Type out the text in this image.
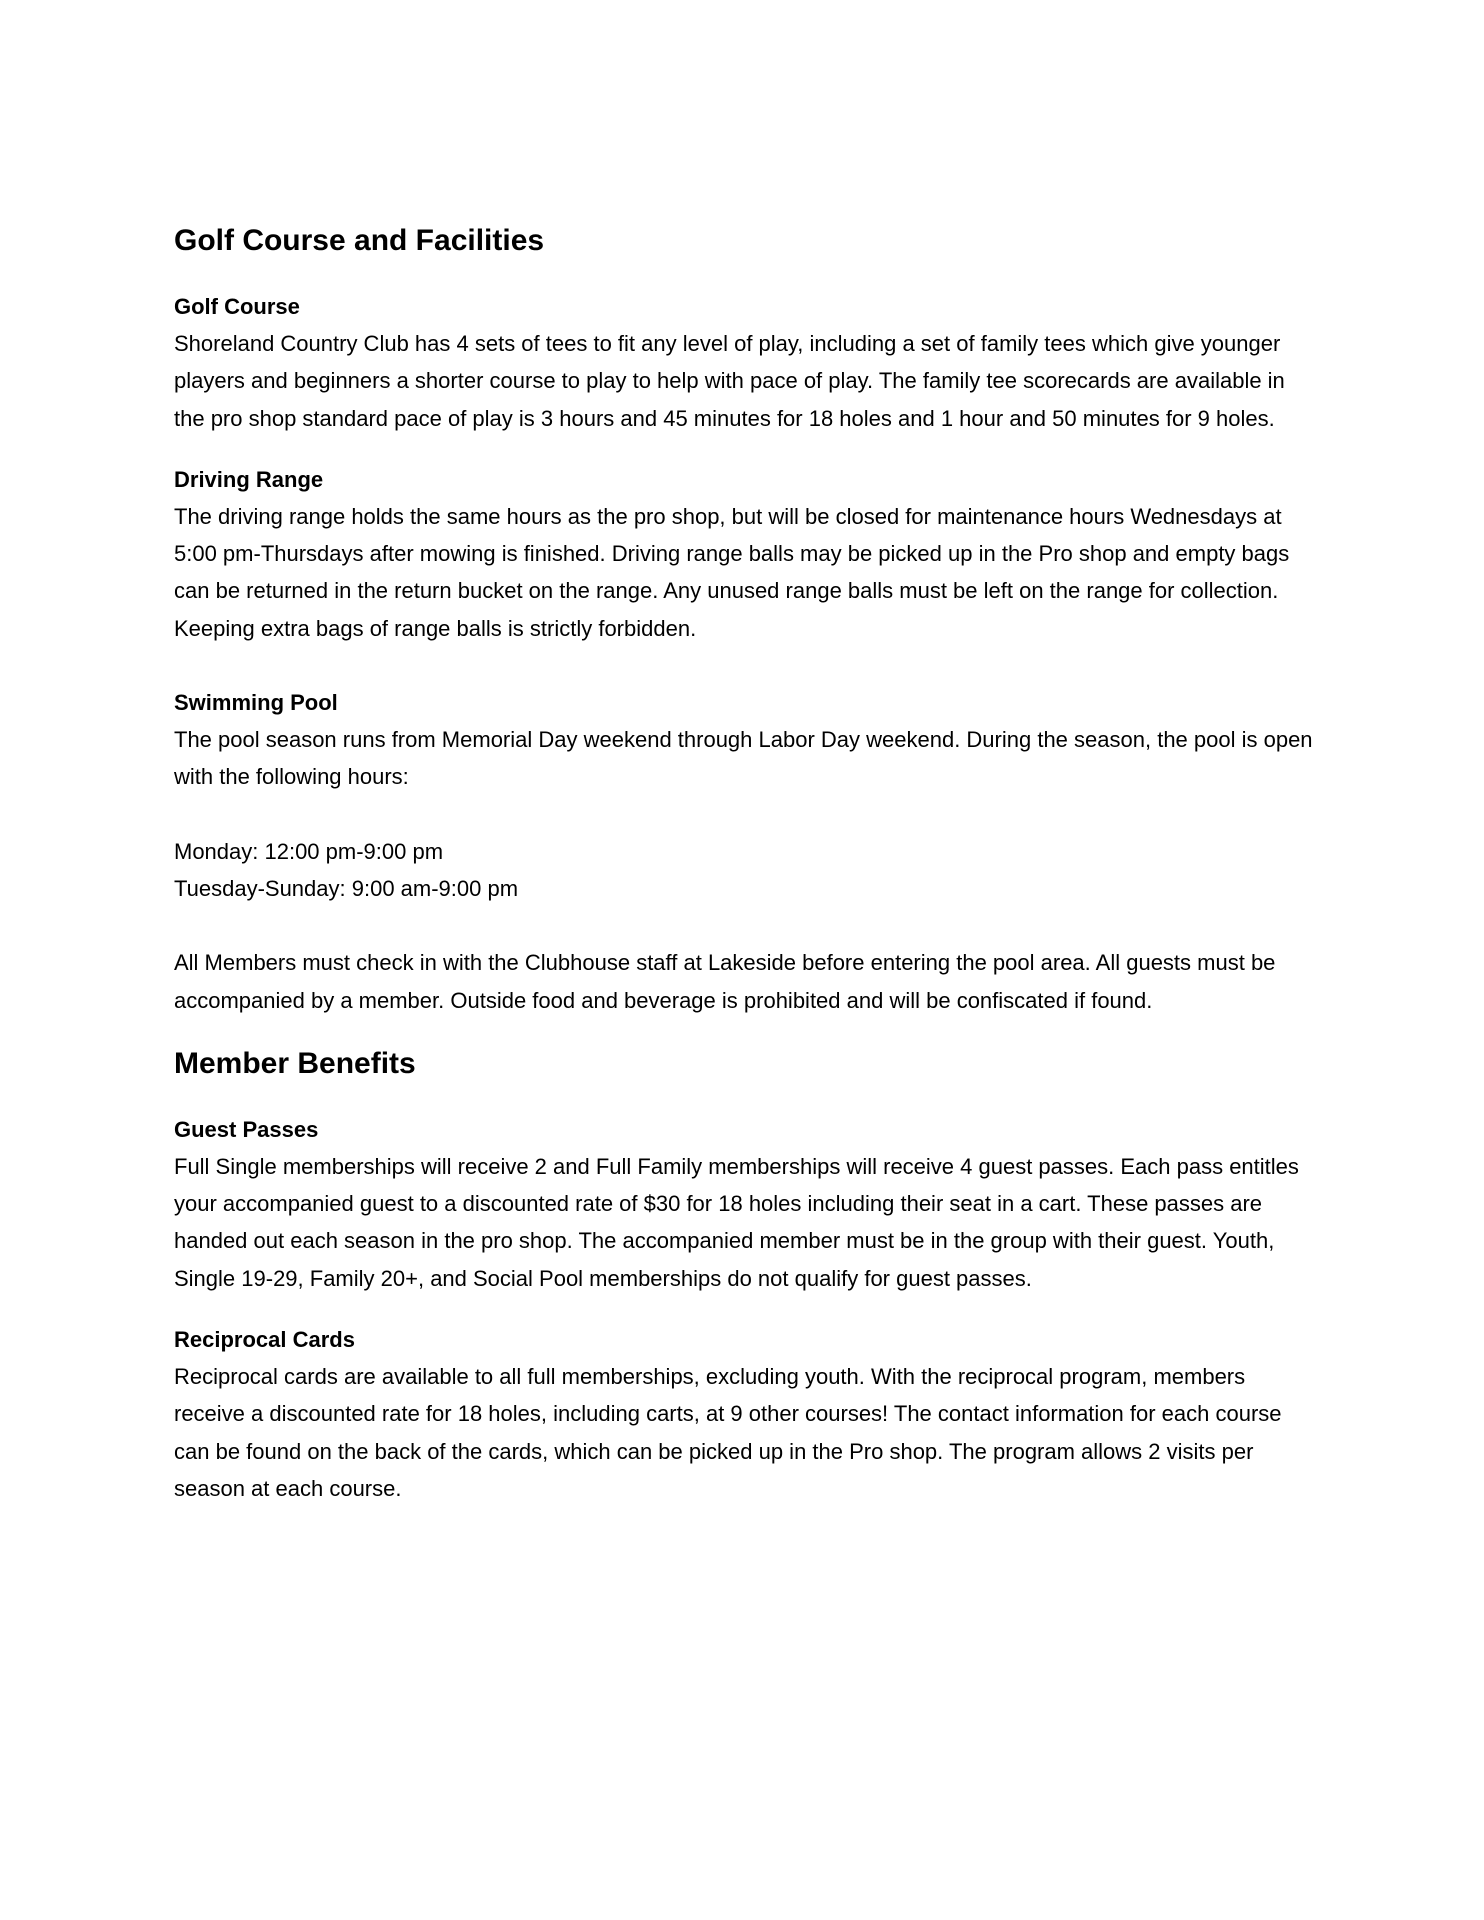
Golf Course and Facilities
Golf Course
Shoreland Country Club has 4 sets of tees to fit any level of play, including a set of family tees which give younger players and beginners a shorter course to play to help with pace of play. The family tee scorecards are available in the pro shop standard pace of play is 3 hours and 45 minutes for 18 holes and 1 hour and 50 minutes for 9 holes.
Driving Range
The driving range holds the same hours as the pro shop, but will be closed for maintenance hours Wednesdays at 5:00 pm-Thursdays after mowing is finished. Driving range balls may be picked up in the Pro shop and empty bags can be returned in the return bucket on the range. Any unused range balls must be left on the range for collection. Keeping extra bags of range balls is strictly forbidden.
Swimming Pool
The pool season runs from Memorial Day weekend through Labor Day weekend. During the season, the pool is open with the following hours:
Monday: 12:00 pm-9:00 pm
Tuesday-Sunday: 9:00 am-9:00 pm
All Members must check in with the Clubhouse staff at Lakeside before entering the pool area. All guests must be accompanied by a member. Outside food and beverage is prohibited and will be confiscated if found.
Member Benefits
Guest Passes
Full Single memberships will receive 2 and Full Family memberships will receive 4 guest passes. Each pass entitles your accompanied guest to a discounted rate of $30 for 18 holes including their seat in a cart. These passes are handed out each season in the pro shop. The accompanied member must be in the group with their guest. Youth, Single 19-29, Family 20+, and Social Pool memberships do not qualify for guest passes.
Reciprocal Cards
Reciprocal cards are available to all full memberships, excluding youth. With the reciprocal program, members receive a discounted rate for 18 holes, including carts, at 9 other courses! The contact information for each course can be found on the back of the cards, which can be picked up in the Pro shop. The program allows 2 visits per season at each course.
